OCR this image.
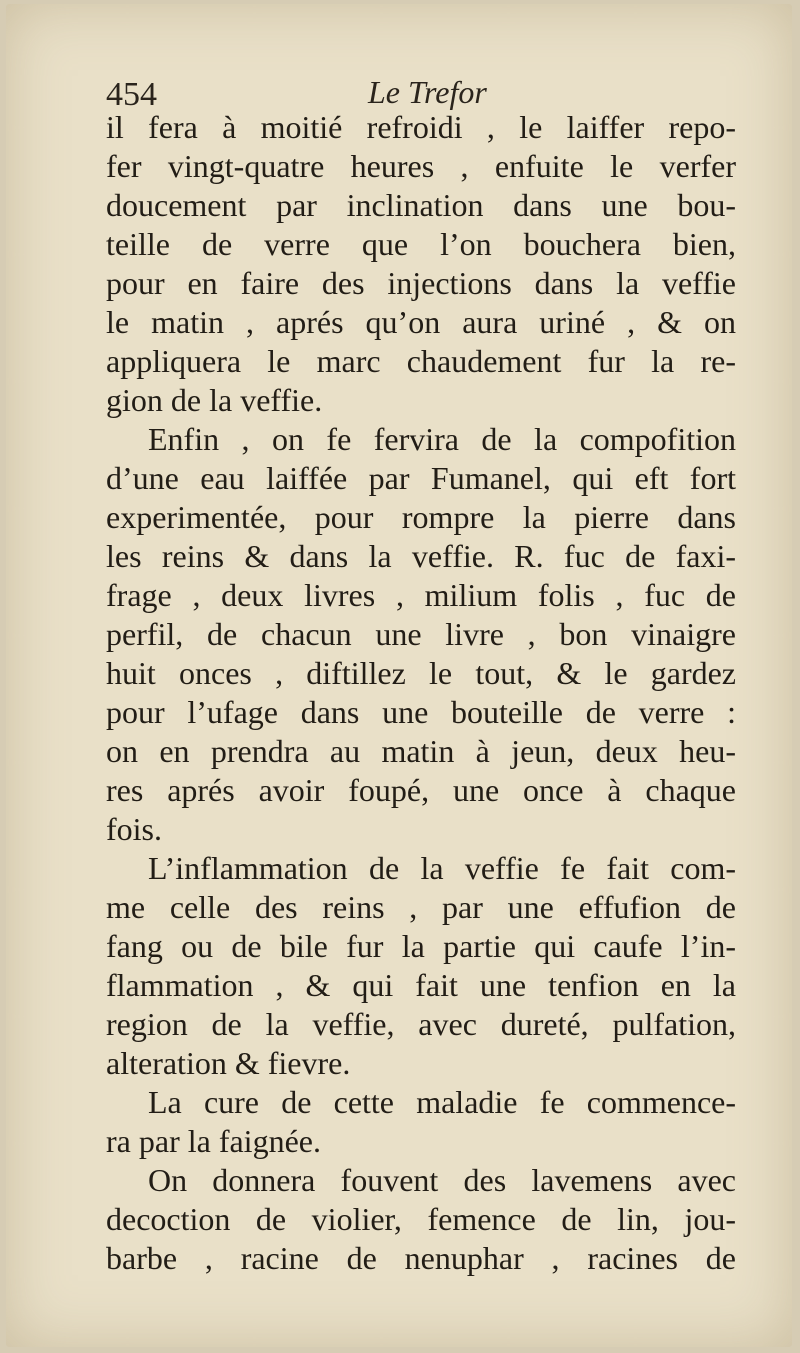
454	Le Trefor
il fera à moitié refroidi , le laiffer repo-
fer vingt-quatre heures , enfuite le verfer
doucement par inclination dans une bou-
teille de verre que l’on bouchera bien,
pour en faire des injections dans la veffie
le matin , aprés qu’on aura uriné , & on
appliquera le marc chaudement fur la re-
gion de la veffie.
Enfin , on fe fervira de la compofition
d’une eau laiffée par Fumanel, qui eft fort
experimentée, pour rompre la pierre dans
les reins & dans la veffie. R. fuc de faxi-
frage , deux livres , milium folis , fuc de
perfil, de chacun une livre , bon vinaigre
huit onces , diftillez le tout, & le gardez
pour l’ufage dans une bouteille de verre :
on en prendra au matin à jeun, deux heu-
res aprés avoir foupé, une once à chaque
fois.
L’inflammation de la veffie fe fait com-
me celle des reins , par une effufion de
fang ou de bile fur la partie qui caufe l’in-
flammation , & qui fait une tenfion en la
region de la veffie, avec dureté, pulfation,
alteration & fievre.
La cure de cette maladie fe commence-
ra par la faignée.
On donnera fouvent des lavemens avec
decoction de violier, femence de lin, jou-
barbe , racine de nenuphar , racines de
